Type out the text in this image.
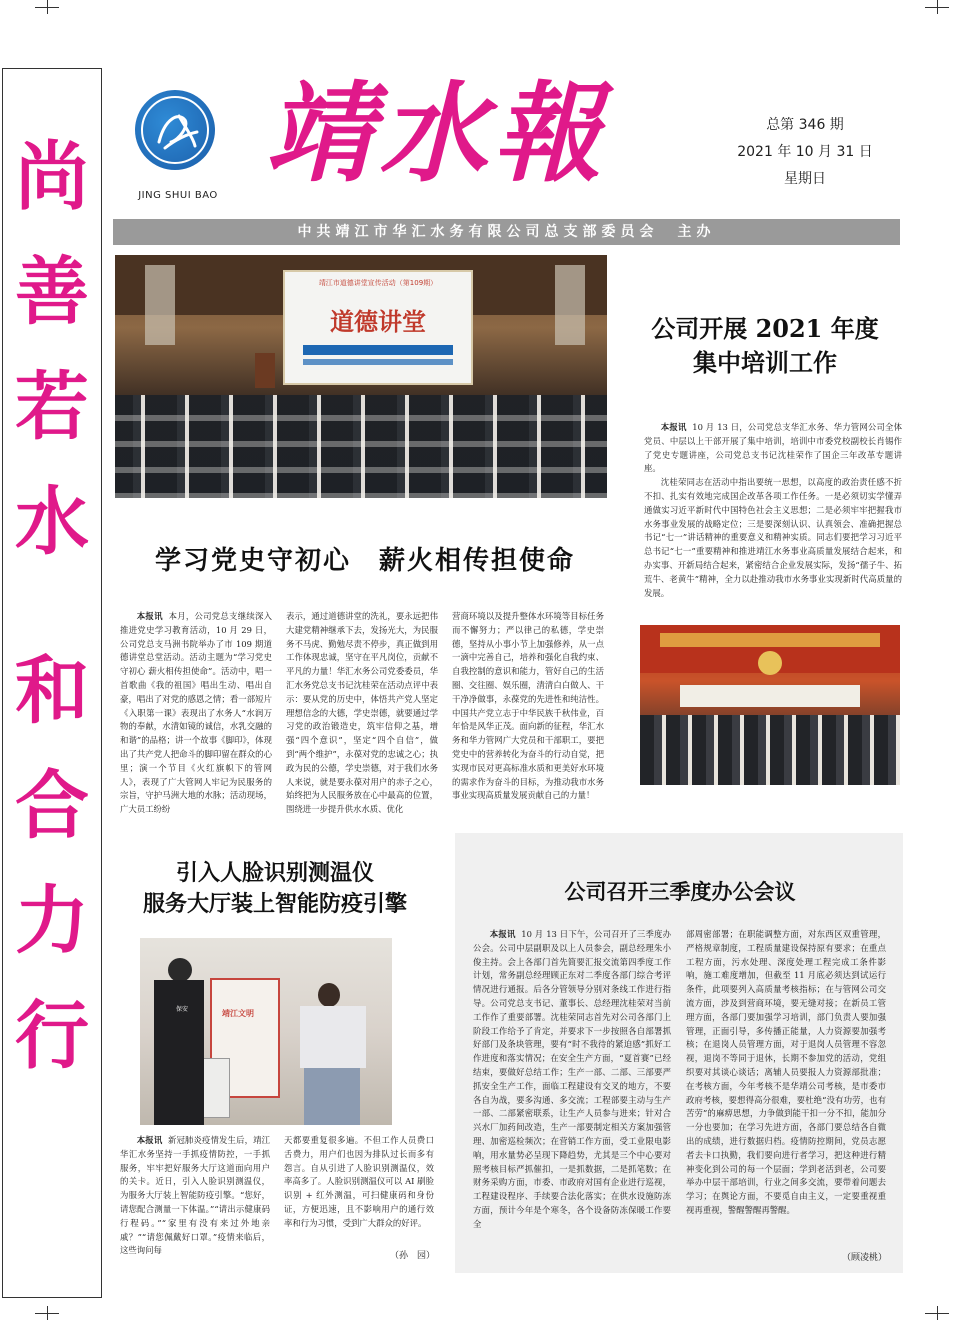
尚
善
若
水
和
合
力
行
JING SHUI BAO 靖水報	总第 346 期
2021 年 10 月 31 日
星期日
中共靖江市华汇水务有限公司总支部委员会　主办
靖江市道德讲堂宣传活动（第109期）
道德讲堂	公司开展 2021 年度
集中培训工作

本报讯 10 月 13 日，公司党总支华汇水务、华力管网公司全体党员、中层以上干部开展了集中培训，培训中市委党校副校长肖锡作了党史专题讲座，公司党总支书记沈桂荣作了国企三年改革专题讲座。

沈桂荣同志在活动中指出要统一思想，以高度的政治责任感不折不扣、扎实有效地完成国企改革各项工作任务。一是必须切实学懂弄通做实习近平新时代中国特色社会主义思想；二是必须牢牢把握我市水务事业发展的战略定位；三是要深刻认识、认真领会、准确把握总书记“七一”讲话精神的重要意义和精神实质。同志们要把学习习近平总书记“七一”重要精神和推进靖江水务事业高质量发展结合起来，和办实事、开新局结合起来，紧密结合企业发展实际，发扬“孺子牛、拓荒牛、老黄牛”精神，全力以赴推动我市水务事业实现新时代高质量的发展。

学习党史守初心　薪火相传担使命

本报讯 本月，公司党总支继续深入推进党史学习教育活动，10 月 29 日，公司党总支马洲书院举办了市 109 期道德讲堂总堂活动。活动主题为“学习党史守初心 薪火相传担使命”。活动中，唱一首歌曲《我的祖国》唱出生动、唱出自豪，唱出了对党的感恩之情；看一部短片《入职第一课》表现出了水务人“水润万物的奉献，水清如镜的诚信，水乳交融的和谐”的品格；讲一个故事《脚印》，体现出了共产党人把命斗的脚印留在群众的心里；演一个节目《火红旗帜下的管网人》，表现了广大管网人牢记为民服务的宗旨，守护马洲大地的水脉；活动现场，广大员工纷纷

表示，通过道德讲堂的洗礼，要永远把伟大建党精神继承下去，发扬光大，为民服务不马虎、勤勉尽责不停步，真正做到用工作体现忠诚，坚守在平凡岗位，贡献不平凡的力量！华汇水务公司党委委员，华汇水务党总支书记沈桂荣在活动点评中表示：要从党的历史中，体悟共产党人坚定理想信念的大德，学史崇德，就要通过学习党的政治锻造史，筑牢信仰之基，增强“四个意识”，坚定“四个自信”，做到“两个维护”，永葆对党的忠诚之心；执政为民的公德，学史崇德，对于我们水务人来说，就是要永葆对用户的赤子之心，始终把为人民服务放在心中最高的位置，围绕进一步提升供水水质、优化

营商环境以及提升整体水环境等目标任务而不懈努力；严以律己的私德，学史崇德，坚持从小事小节上加强修养，从一点一滴中完善自己，培养和强化自我约束、自我控制的意识和能力，管好自己的生活圈、交往圈、娱乐圈，清清白白做人、干干净净做事，永葆党的先进性和纯洁性。中国共产党立志于中华民族千秋伟业，百年恰是风华正茂。面向新的征程，华汇水务和华力管网广大党员和干部职工，要把党史中的营养转化为奋斗的行动自觉，把实现市民对更高标准水质和更美好水环境的需求作为奋斗的目标，为推动我市水务事业实现高质量发展贡献自己的力量！

引入人脸识别测温仪
服务大厅装上智能防疫引擎
靖江文明
保安

本报讯 新冠肺炎疫情发生后，靖江华汇水务坚持一手抓疫情防控，一手抓服务，牢牢把好服务大厅这道面向用户的关卡。近日，引入人脸识别测温仪，为服务大厅装上智能防疫引擎。“您好，请您配合测量一下体温。”“请出示健康码行程码。”“家里有没有来过外地亲戚？”“请您佩戴好口罩。”疫情来临后，这些询问每

天都要重复很多遍。不但工作人员费口舌费力，用户们也因为排队过长而多有怨言。自从引进了人脸识别测温仪，效率高多了。人脸识别测温仪可以 AI 刷脸识别 + 红外测温，可扫健康码和身份证，方便迅速，且不影响用户的通行效率和行为习惯，受到广大群众的好评。

（孙　园）
公司召开三季度办公会议

本报讯 10 月 13 日下午，公司召开了三季度办公会。公司中层副职及以上人员参会，副总经理朱小俊主持。会上各部门首先简要汇报交流第四季度工作计划，常务副总经理顾正东对二季度各部门综合考评情况进行通报。后各分管领导分别对条线工作进行指导。公司党总支书记、董事长、总经理沈桂荣对当前工作作了重要部署。沈桂荣同志首先对公司各部门上阶段工作给予了肯定，并要求下一步按照各自部署抓好部门及条块管理，要有“时不我待的紧迫感”抓好工作进度和落实情况；在安全生产方面，“夏首赛”已经结束，要做好总结工作；生产一部、二部、三部要严抓安全生产工作，面临工程建设有交叉的地方，不要各自为战，要多沟通、多交流；工程部要主动与生产一部、二部紧密联系，让生产人员参与进来；针对合兴水厂加药间改造，生产一部要制定相关方案加强管理、加密巡检频次；在营销工作方面，受工业限电影响，用水量势必呈现下降趋势，尤其是三个中心要对照考核目标严抓催扣，一是抓数据，二是抓笔数；在财务采购方面，市委、市政府对国有企业进行巡视，工程建设程序、手续要合法化落实；在供水设施防冻方面，预计今年是个寒冬，各个设备防冻保暖工作要全

部周密部署；在职能调整方面，对东西区双重管理，严格规章制度，工程质量建设保持原有要求；在重点工程方面，污水处理、深度处理工程完成工条件影响，施工难度增加，但截至 11 月底必须达到试运行条件，此项要列入高质量考核指标；在与管网公司交流方面，涉及到营商环境，要无缝对接；在新员工管理方面，各部门要加强学习培训，部门负责人要加强管理，正面引导，多传播正能量，人力资源要加强考核；在退岗人员管理方面，对于退岗人员管理不容忽视，退岗不等同于退休，长期不参加党的活动，党组织要对其谈心谈话；离辅人员要报人力资源部批准；在考核方面，今年考核不是华靖公司考核，是市委市政府考核，要想得高分很难，要杜绝“没有功劳，也有苦劳”的麻痹思想，力争做到能干扣一分不扣，能加分一分也要加；在学习先进方面，各部门要总结各自微出的成绩，进行数据归档。疫情防控期间，党员志愿者去卡口执勤，我们要向进行者学习，把这种进行精神变化到公司的每一个层面；学到老活到老，公司要举办中层干部培训，行业之间多交流，要带着问题去学习；在舆论方面，不要觅自由主义，一定要重视重视再重视，警醒警醒再警醒。

（顾凌桃）
